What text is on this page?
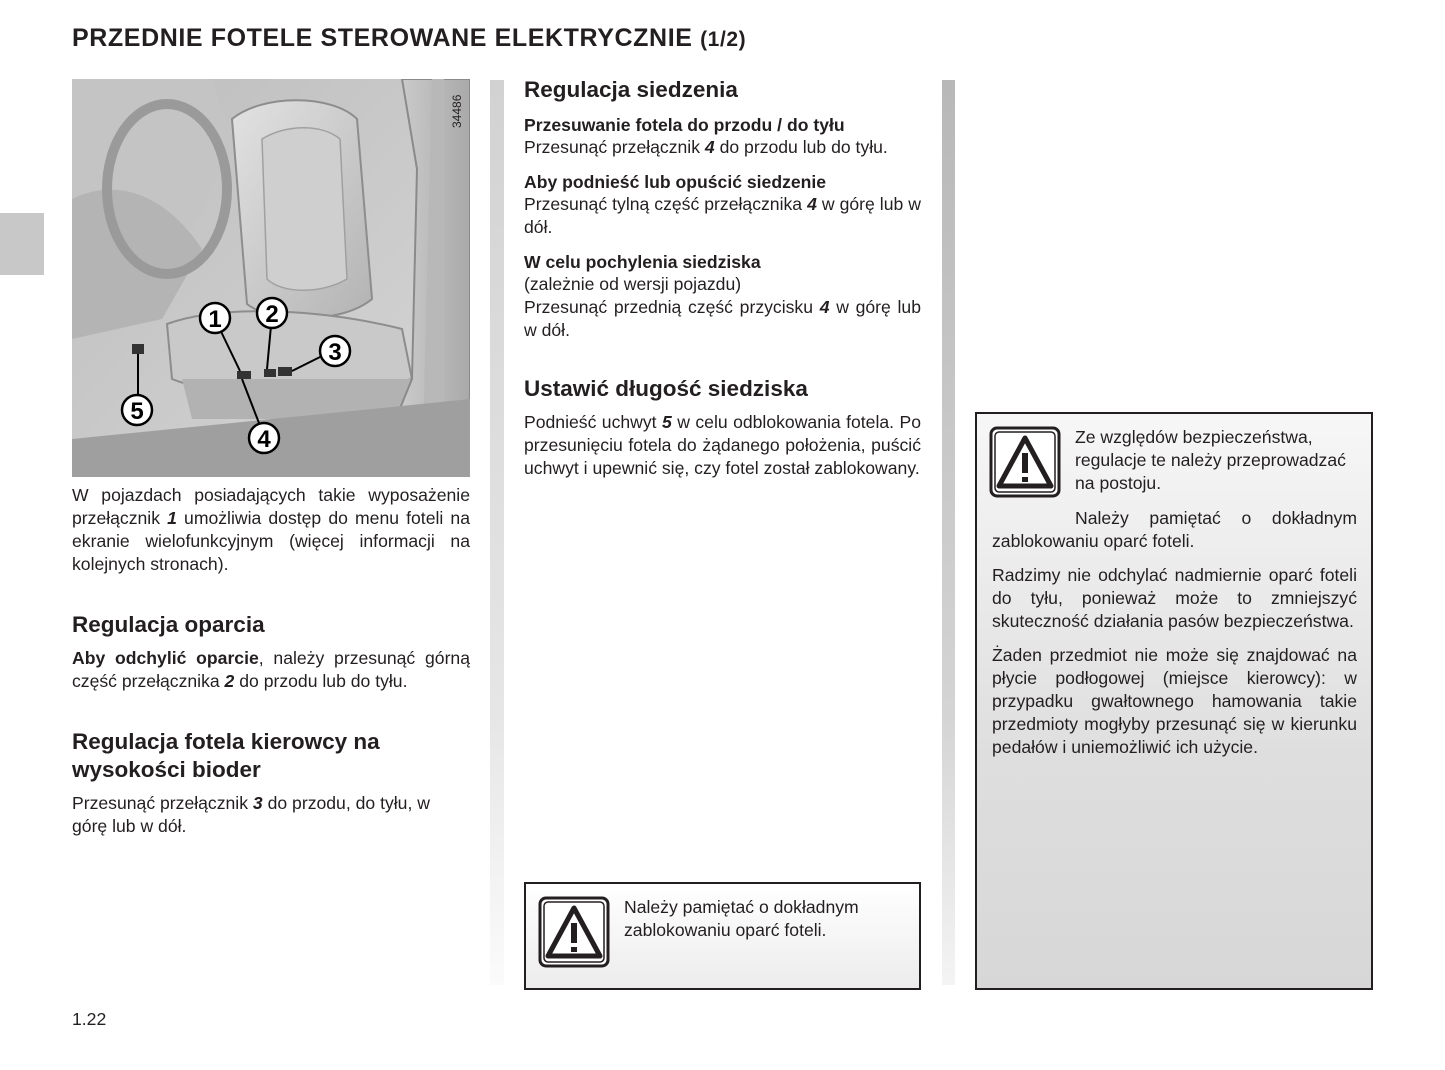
PRZEDNIE FOTELE STEROWANE ELEKTRYCZNIE (1/2)
1 2
3
4
5
34486

W pojazdach posiadających takie wyposażenie przełącznik 1 umożliwia dostęp do menu foteli na ekranie wielofunkcyjnym (więcej informacji na kolejnych stronach).

Regulacja oparcia

Aby odchylić oparcie, należy przesunąć górną część przełącznika 2 do przodu lub do tyłu.

Regulacja fotela kierowcy na wysokości bioder

Przesunąć przełącznik 3 do przodu, do tyłu, w górę lub w dół.

Regulacja siedzenia
Przesuwanie fotela do przodu / do tyłu

Przesunąć przełącznik 4 do przodu lub do tyłu.

Aby podnieść lub opuścić siedzenie

Przesunąć tylną część przełącznika 4 w górę lub w dół.

W celu pochylenia siedziska

(zależnie od wersji pojazdu)

Przesunąć przednią część przycisku 4 w górę lub w dół.

Ustawić długość siedziska

Podnieść uchwyt 5 w celu odblokowania fotela. Po przesunięciu fotela do żądanego położenia, puścić uchwyt i upewnić się, czy fotel został zablokowany.

Należy pamiętać o dokładnym zablokowaniu oparć foteli.

Ze względów bezpieczeństwa, regulacje te należy przeprowadzać na postoju.

Należy pamiętać o dokładnym zablokowaniu oparć foteli.

Radzimy nie odchylać nadmiernie oparć foteli do tyłu, ponieważ może to zmniejszyć skuteczność działania pasów bezpieczeństwa.

Żaden przedmiot nie może się znajdować na płycie podłogowej (miejsce kierowcy): w przypadku gwałtownego hamowania takie przedmioty mogłyby przesunąć się w kierunku pedałów i uniemożliwić ich użycie.

1.22
